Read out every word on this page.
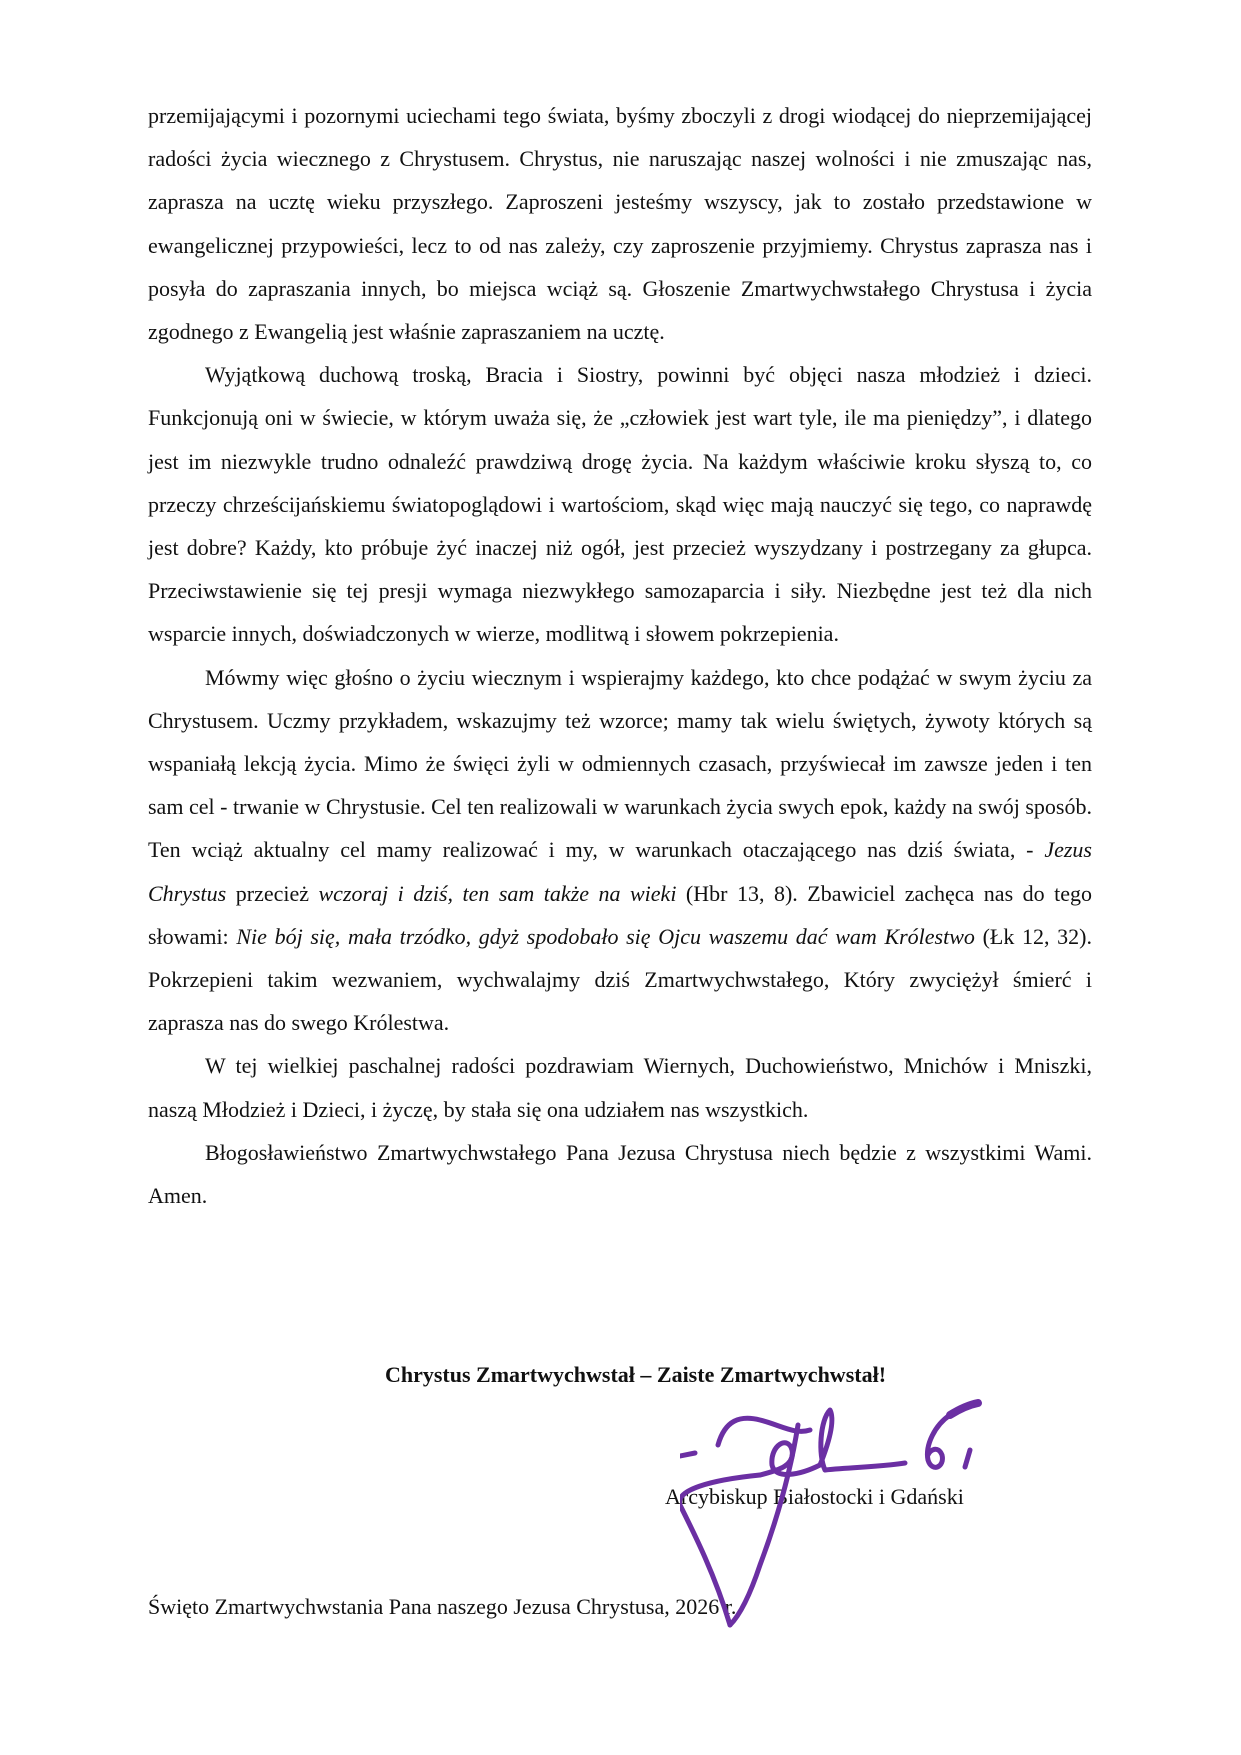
przemijającymi i pozornymi uciechami tego świata, byśmy zboczyli z drogi wiodącej do nieprzemijającej radości życia wiecznego z Chrystusem. Chrystus, nie naruszając naszej wolności i nie zmuszając nas, zaprasza na ucztę wieku przyszłego. Zaproszeni jesteśmy wszyscy, jak to zostało przedstawione w ewangelicznej przypowieści, lecz to od nas zależy, czy zaproszenie przyjmiemy. Chrystus zaprasza nas i posyła do zapraszania innych, bo miejsca wciąż są. Głoszenie Zmartwychwstałego Chrystusa i życia zgodnego z Ewangelią jest właśnie zapraszaniem na ucztę.

Wyjątkową duchową troską, Bracia i Siostry, powinni być objęci nasza młodzież i dzieci. Funkcjonują oni w świecie, w którym uważa się, że „człowiek jest wart tyle, ile ma pieniędzy”, i dlatego jest im niezwykle trudno odnaleźć prawdziwą drogę życia. Na każdym właściwie kroku słyszą to, co przeczy chrześcijańskiemu światopoglądowi i wartościom, skąd więc mają nauczyć się tego, co naprawdę jest dobre? Każdy, kto próbuje żyć inaczej niż ogół, jest przecież wyszydzany i postrzegany za głupca. Przeciwstawienie się tej presji wymaga niezwykłego samozaparcia i siły. Niezbędne jest też dla nich wsparcie innych, doświadczonych w wierze, modlitwą i słowem pokrzepienia.

Mówmy więc głośno o życiu wiecznym i wspierajmy każdego, kto chce podążać w swym życiu za Chrystusem. Uczmy przykładem, wskazujmy też wzorce; mamy tak wielu świętych, żywoty których są wspaniałą lekcją życia. Mimo że święci żyli w odmiennych czasach, przyświecał im zawsze jeden i ten sam cel - trwanie w Chrystusie. Cel ten realizowali w warunkach życia swych epok, każdy na swój sposób. Ten wciąż aktualny cel mamy realizować i my, w warunkach otaczającego nas dziś świata, - Jezus Chrystus przecież wczoraj i dziś, ten sam także na wieki (Hbr 13, 8). Zbawiciel zachęca nas do tego słowami: Nie bój się, mała trzódko, gdyż spodobało się Ojcu waszemu dać wam Królestwo (Łk 12, 32). Pokrzepieni takim wezwaniem, wychwalajmy dziś Zmartwychwstałego, Który zwyciężył śmierć i zaprasza nas do swego Królestwa.

W tej wielkiej paschalnej radości pozdrawiam Wiernych, Duchowieństwo, Mnichów i Mniszki, naszą Młodzież i Dzieci, i życzę, by stała się ona udziałem nas wszystkich.

Błogosławieństwo Zmartwychwstałego Pana Jezusa Chrystusa niech będzie z wszystkimi Wami. Amen.

Chrystus Zmartwychwstał – Zaiste Zmartwychwstał!
Arcybiskup Białostocki i Gdański
Święto Zmartwychwstania Pana naszego Jezusa Chrystusa, 2026 r.
